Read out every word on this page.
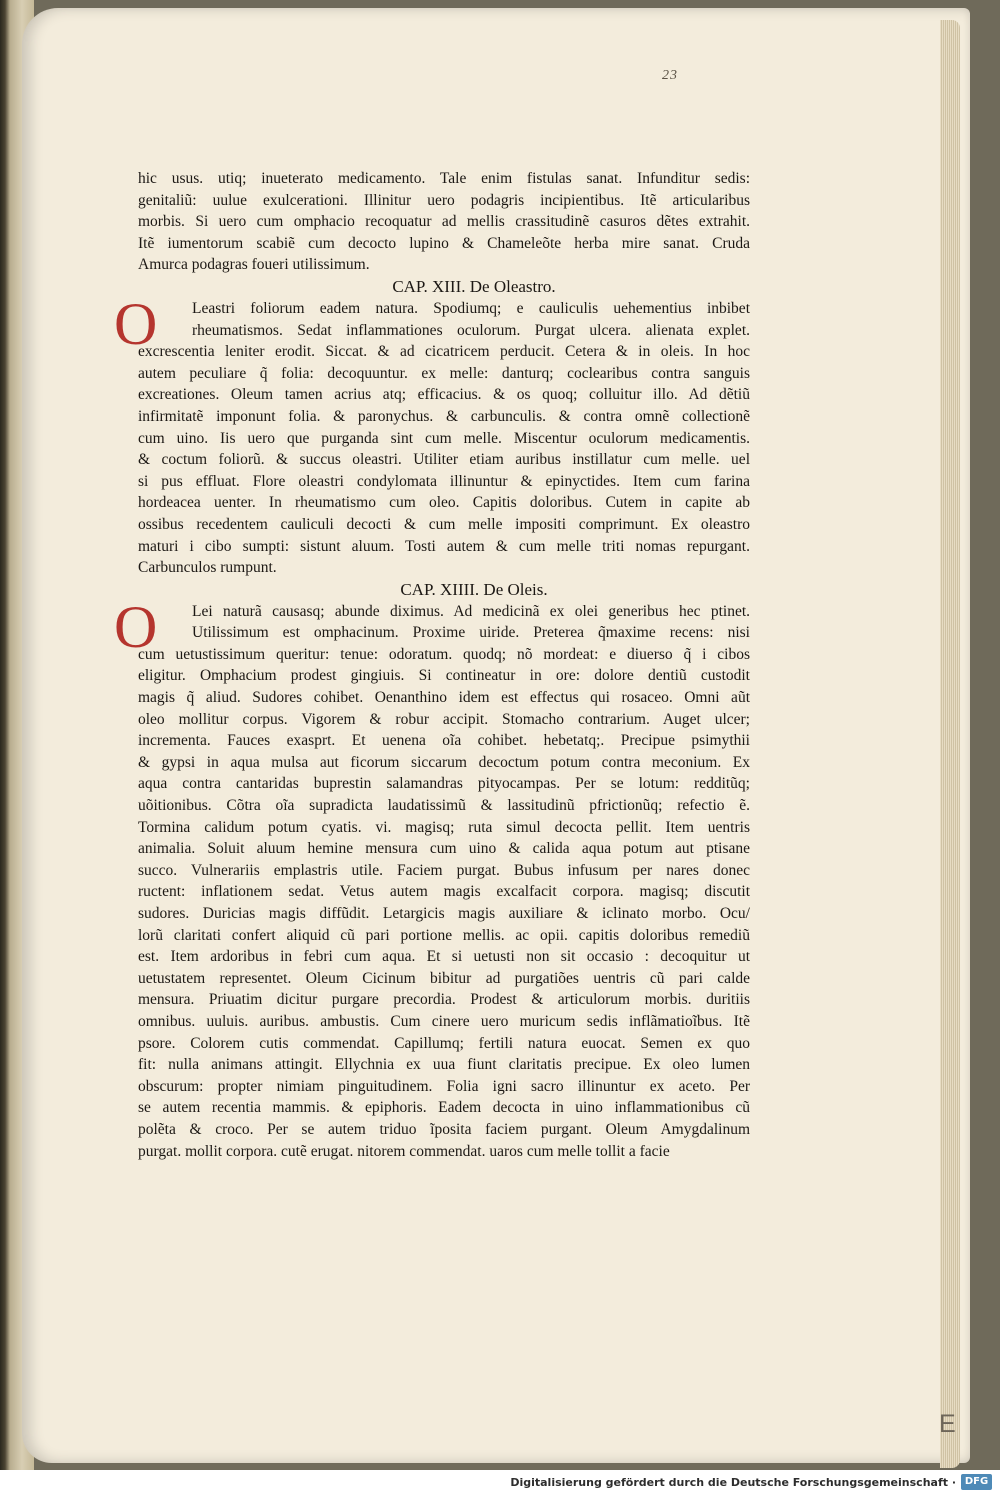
23
hic usus. utiq; inueterato medicamento. Tale enim fistulas sanat. Infunditur sedis:
genitaliũ: uulue exulcerationi. Illinitur uero podagris incipientibus. Itẽ articularibus
morbis. Si uero cum omphacio recoquatur ad mellis crassitudinẽ casuros dẽtes extrahit.
Itẽ iumentorum scabiẽ cum decocto lupino & Chameleõte herba mire sanat. Cruda
Amurca podagras foueri utilissimum.
CAP. XIII. De Oleastro.
O	Leastri foliorum eadem natura. Spodiumq; e cauliculis uehementius inbibet
rheumatismos. Sedat inflammationes oculorum. Purgat ulcera. alienata explet.
excrescentia leniter erodit. Siccat. & ad cicatricem perducit. Cetera & in oleis. In hoc
autem peculiare q̃ folia: decoquuntur. ex melle: danturq; coclearibus contra sanguis
excreationes. Oleum tamen acrius atq; efficacius. & os quoq; colluitur illo. Ad dẽtiũ
infirmitatẽ imponunt folia. & paronychus. & carbunculis. & contra omnẽ collectionẽ
cum uino. Iis uero que purganda sint cum melle. Miscentur oculorum medicamentis.
& coctum foliorũ. & succus oleastri. Utiliter etiam auribus instillatur cum melle. uel
si pus effluat. Flore oleastri condylomata illinuntur & epinyctides. Item cum farina
hordeacea uenter. In rheumatismo cum oleo. Capitis doloribus. Cutem in capite ab
ossibus recedentem cauliculi decocti & cum melle impositi comprimunt. Ex oleastro
maturi i cibo sumpti: sistunt aluum. Tosti autem & cum melle triti nomas repurgant.
Carbunculos rumpunt.
CAP. XIIII. De Oleis.
O	Lei naturã causasq; abunde diximus. Ad medicinã ex olei generibus hec ptinet.
Utilissimum est omphacinum. Proxime uiride. Preterea q̃maxime recens: nisi
cum uetustissimum queritur: tenue: odoratum. quodq; nõ mordeat: e diuerso q̃ i cibos
eligitur. Omphacium prodest gingiuis. Si contineatur in ore: dolore dentiũ custodit
magis q̃ aliud. Sudores cohibet. Oenanthino idem est effectus qui rosaceo. Omni aũt
oleo mollitur corpus. Vigorem & robur accipit. Stomacho contrarium. Auget ulcer;
incrementa. Fauces exasprt. Et uenena oĩa cohibet. hebetatq;. Precipue psimythii
& gypsi in aqua mulsa aut ficorum siccarum decoctum potum contra meconium. Ex
aqua contra cantaridas buprestin salamandras pityocampas. Per se lotum: redditũq;
uõitionibus. Cõtra oĩa supradicta laudatissimũ & lassitudinũ pfrictionũq; refectio ẽ.
Tormina calidum potum cyatis. vi. magisq; ruta simul decocta pellit. Item uentris
animalia. Soluit aluum hemine mensura cum uino & calida aqua potum aut ptisane
succo. Vulnerariis emplastris utile. Faciem purgat. Bubus infusum per nares donec
ructent: inflationem sedat. Vetus autem magis excalfacit corpora. magisq; discutit
sudores. Duricias magis diffũdit. Letargicis magis auxiliare & iclinato morbo. Ocu/
lorũ claritati confert aliquid cũ pari portione mellis. ac opii. capitis doloribus remediũ
est. Item ardoribus in febri cum aqua. Et si uetusti non sit occasio : decoquitur ut
uetustatem representet. Oleum Cicinum bibitur ad purgatiões uentris cũ pari calde
mensura. Priuatim dicitur purgare precordia. Prodest & articulorum morbis. duritiis
omnibus. uuluis. auribus. ambustis. Cum cinere uero muricum sedis inflãmatioĩbus. Itẽ
psore. Colorem cutis commendat. Capillumq; fertili natura euocat. Semen ex quo
fit: nulla animans attingit. Ellychnia ex uua fiunt claritatis precipue. Ex oleo lumen
obscurum: propter nimiam pinguitudinem. Folia igni sacro illinuntur ex aceto. Per
se autem recentia mammis. & epiphoris. Eadem decocta in uino inflammationibus cũ
polẽta & croco. Per se autem triduo ĩposita faciem purgant. Oleum Amygdalinum
purgat. mollit corpora. cutẽ erugat. nitorem commendat. uaros cum melle tollit a facie
E
Digitalisierung gefördert durch die Deutsche Forschungsgemeinschaft · DFG
